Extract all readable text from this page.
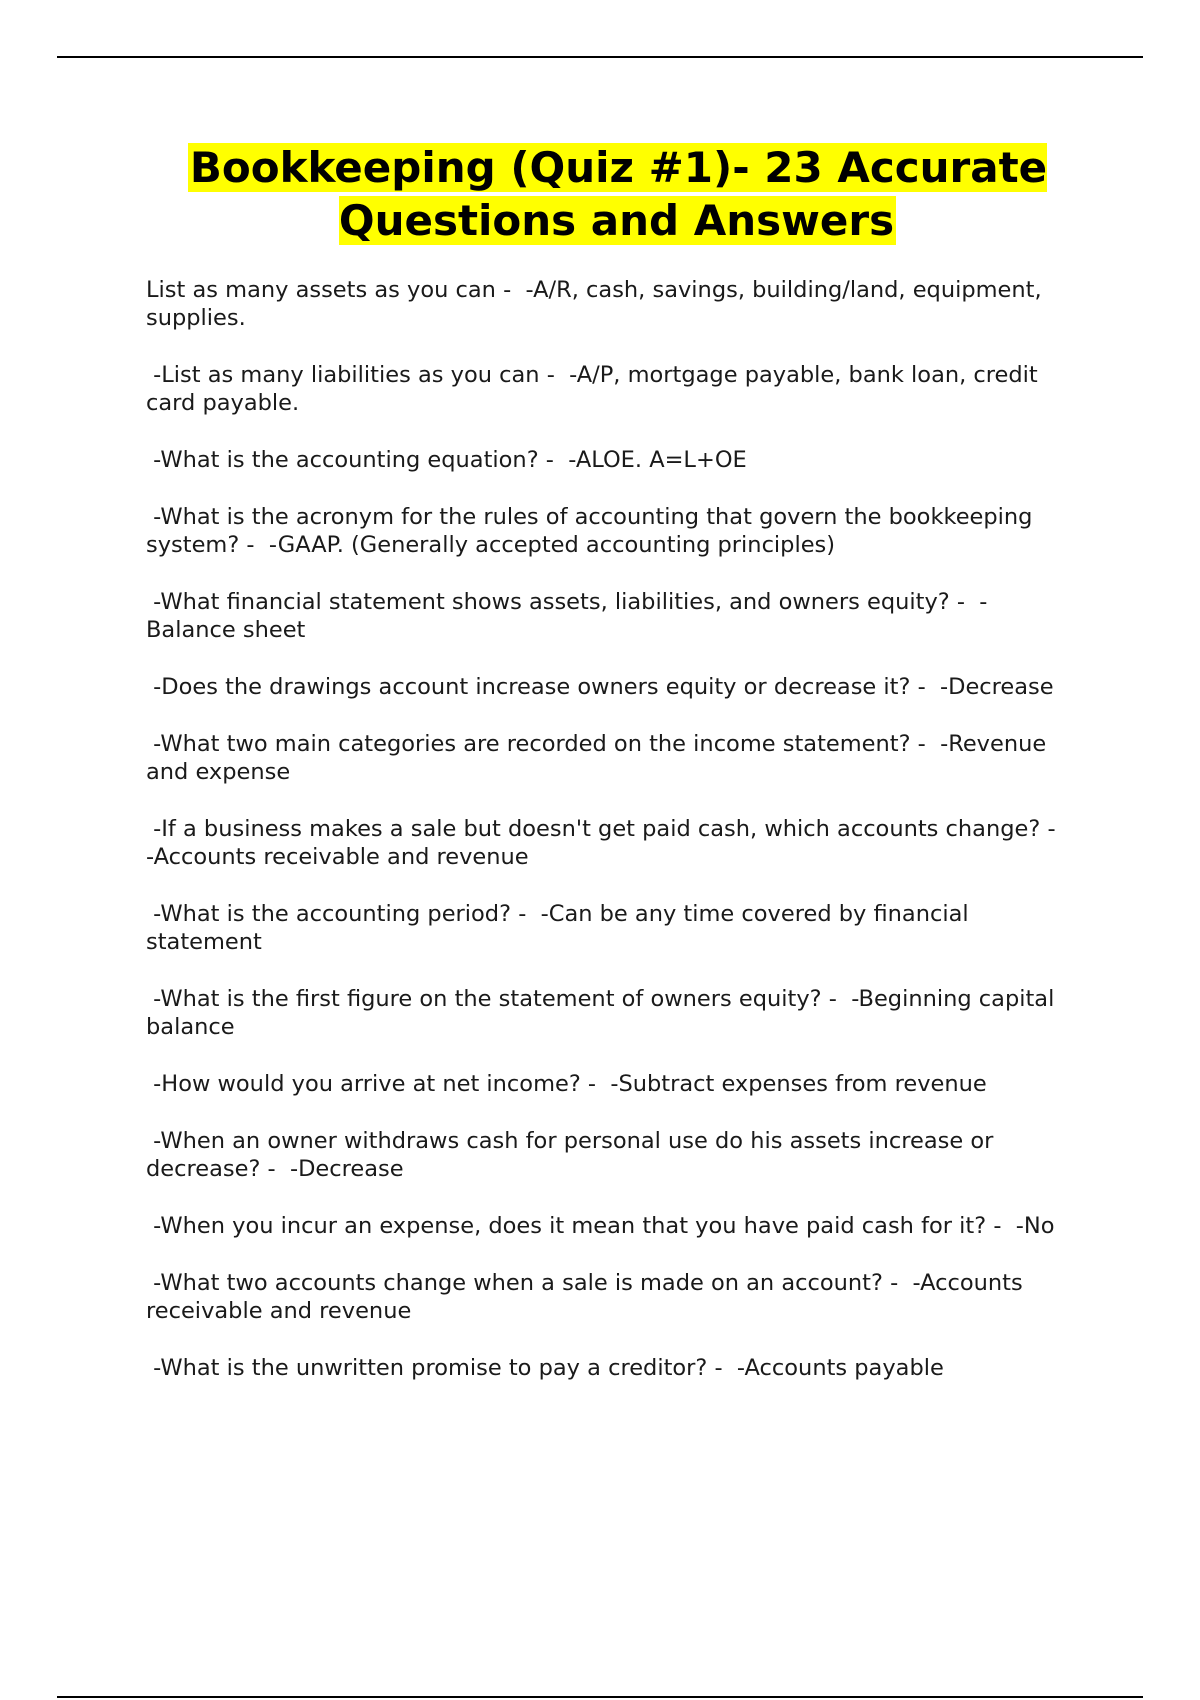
Bookkeeping (Quiz #1)- 23 Accurate Questions and Answers
List as many assets as you can -  -A/R, cash, savings, building/land, equipment, supplies.
-List as many liabilities as you can -  -A/P, mortgage payable, bank loan, credit card payable.
-What is the accounting equation? -  -ALOE. A=L+OE
-What is the acronym for the rules of accounting that govern the bookkeeping system? -  -GAAP. (Generally accepted accounting principles)
-What financial statement shows assets, liabilities, and owners equity? -  -Balance sheet
-Does the drawings account increase owners equity or decrease it? -  -Decrease
-What two main categories are recorded on the income statement? -  -Revenue and expense
-If a business makes a sale but doesn't get paid cash, which accounts change? -  -Accounts receivable and revenue
-What is the accounting period? -  -Can be any time covered by financial statement
-What is the first figure on the statement of owners equity? -  -Beginning capital balance
-How would you arrive at net income? -  -Subtract expenses from revenue
-When an owner withdraws cash for personal use do his assets increase or decrease? -  -Decrease
-When you incur an expense, does it mean that you have paid cash for it? -  -No
-What two accounts change when a sale is made on an account? -  -Accounts receivable and revenue
-What is the unwritten promise to pay a creditor? -  -Accounts payable
